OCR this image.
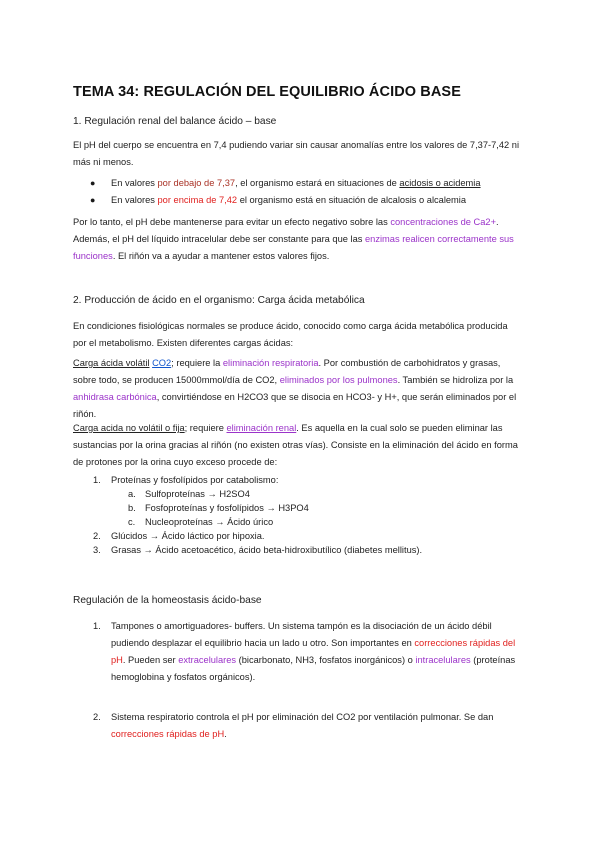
TEMA 34: REGULACIÓN DEL EQUILIBRIO ÁCIDO BASE
1. Regulación renal del balance ácido – base
El pH del cuerpo se encuentra en 7,4 pudiendo variar sin causar anomalías entre los valores de 7,37-7,42 ni más ni menos.
● En valores por debajo de 7,37, el organismo estará en situaciones de acidosis o acidemia
● En valores por encima de 7,42 el organismo está en situación de alcalosis o alcalemia
Por lo tanto, el pH debe mantenerse para evitar un efecto negativo sobre las concentraciones de Ca2+. Además, el pH del líquido intracelular debe ser constante para que las enzimas realicen correctamente sus funciones. El riñón va a ayudar a mantener estos valores fijos.
2. Producción de ácido en el organismo: Carga ácida metabólica
En condiciones fisiológicas normales se produce ácido, conocido como carga ácida metabólica producida por el metabolismo. Existen diferentes cargas ácidas:
Carga ácida volátil CO2; requiere la eliminación respiratoria. Por combustión de carbohidratos y grasas, sobre todo, se producen 15000mmol/día de CO2, eliminados por los pulmones. También se hidroliza por la anhidrasa carbónica, convirtiéndose en H2CO3 que se disocia en HCO3- y H+, que serán eliminados por el riñón.
Carga acida no volátil o fija; requiere eliminación renal. Es aquella en la cual solo se pueden eliminar las sustancias por la orina gracias al riñón (no existen otras vías). Consiste en la eliminación del ácido en forma de protones por la orina cuyo exceso procede de:
1. Proteínas y fosfolípidos por catabolismo:
a. Sulfoproteínas → H2SO4
b. Fosfoproteínas y fosfolípidos → H3PO4
c. Nucleoproteínas → Ácido úrico
2. Glúcidos → Ácido láctico por hipoxia.
3. Grasas → Ácido acetoacético, ácido beta-hidroxibutílico (diabetes mellitus).
Regulación de la homeostasis ácido-base
1. Tampones o amortiguadores- buffers. Un sistema tampón es la disociación de un ácido débil pudiendo desplazar el equilibrio hacia un lado u otro. Son importantes en correcciones rápidas del pH. Pueden ser extracelulares (bicarbonato, NH3, fosfatos inorgánicos) o intracelulares (proteínas hemoglobina y fosfatos orgánicos).
2. Sistema respiratorio controla el pH por eliminación del CO2 por ventilación pulmonar. Se dan correcciones rápidas de pH.
